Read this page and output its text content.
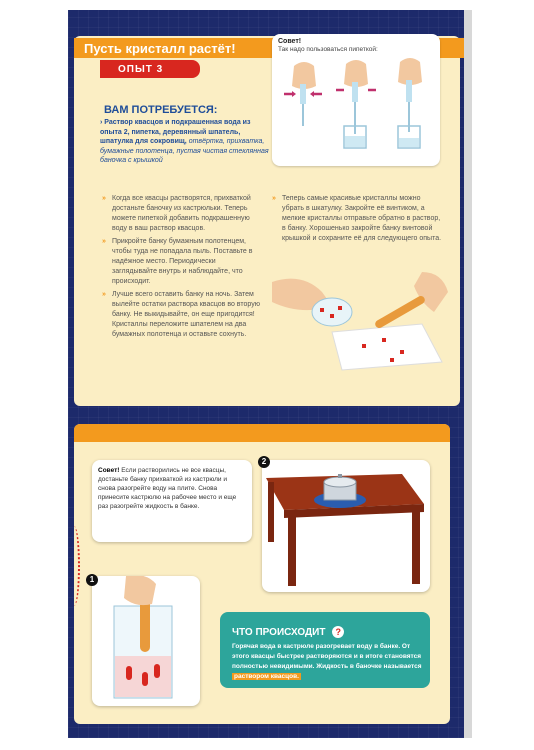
Пусть кристалл растёт!
ОПЫТ 3
ВАМ ПОТРЕБУЕТСЯ:
› Раствор квасцов и подкрашенная вода из опыта 2, пипетка, деревянный шпатель, шпатулка для сокровищ, отвёртка, прихватка, бумажные полотенца, пустая чистая стеклянная баночка с крышкой
Совет!
Так надо пользоваться пипеткой:

» Когда все квасцы растворятся, прихваткой достаньте баночку из кастрюльки. Теперь можете пипеткой добавить подкрашенную воду в ваш раствор квасцов.

» Прикройте банку бумажным полотенцем, чтобы туда не попадала пыль. Поставьте в надёжное место. Периодически заглядывайте внутрь и наблюдайте, что происходит.

» Лучше всего оставить банку на ночь. Затем вылейте остатки раствора квасцов во вторую банку. Не выкидывайте, он еще пригодится! Кристаллы переложите шпателем на два бумажных полотенца и оставьте сохнуть.

» Теперь самые красивые кристаллы можно убрать в шкатулку. Закройте её винтиком, а мелкие кристаллы отправьте обратно в раствор, в банку. Хорошенько закройте банку винтовой крышкой и сохраните её для следующего опыта.

Совет! Если растворились не все квасцы, достаньте банку прихваткой из кастрюли и снова разогрейте воду на плите. Снова принесите кастрюлю на рабочее место и еще раз разогрейте жидкость в банке.
1
2
ЧТО ПРОИСХОДИТ ?
Горячая вода в кастрюле разогревает воду в банке. От этого квасцы быстрее растворяются и в итоге становятся полностью невидимыми. Жидкость в баночке называется раствором квасцов.
